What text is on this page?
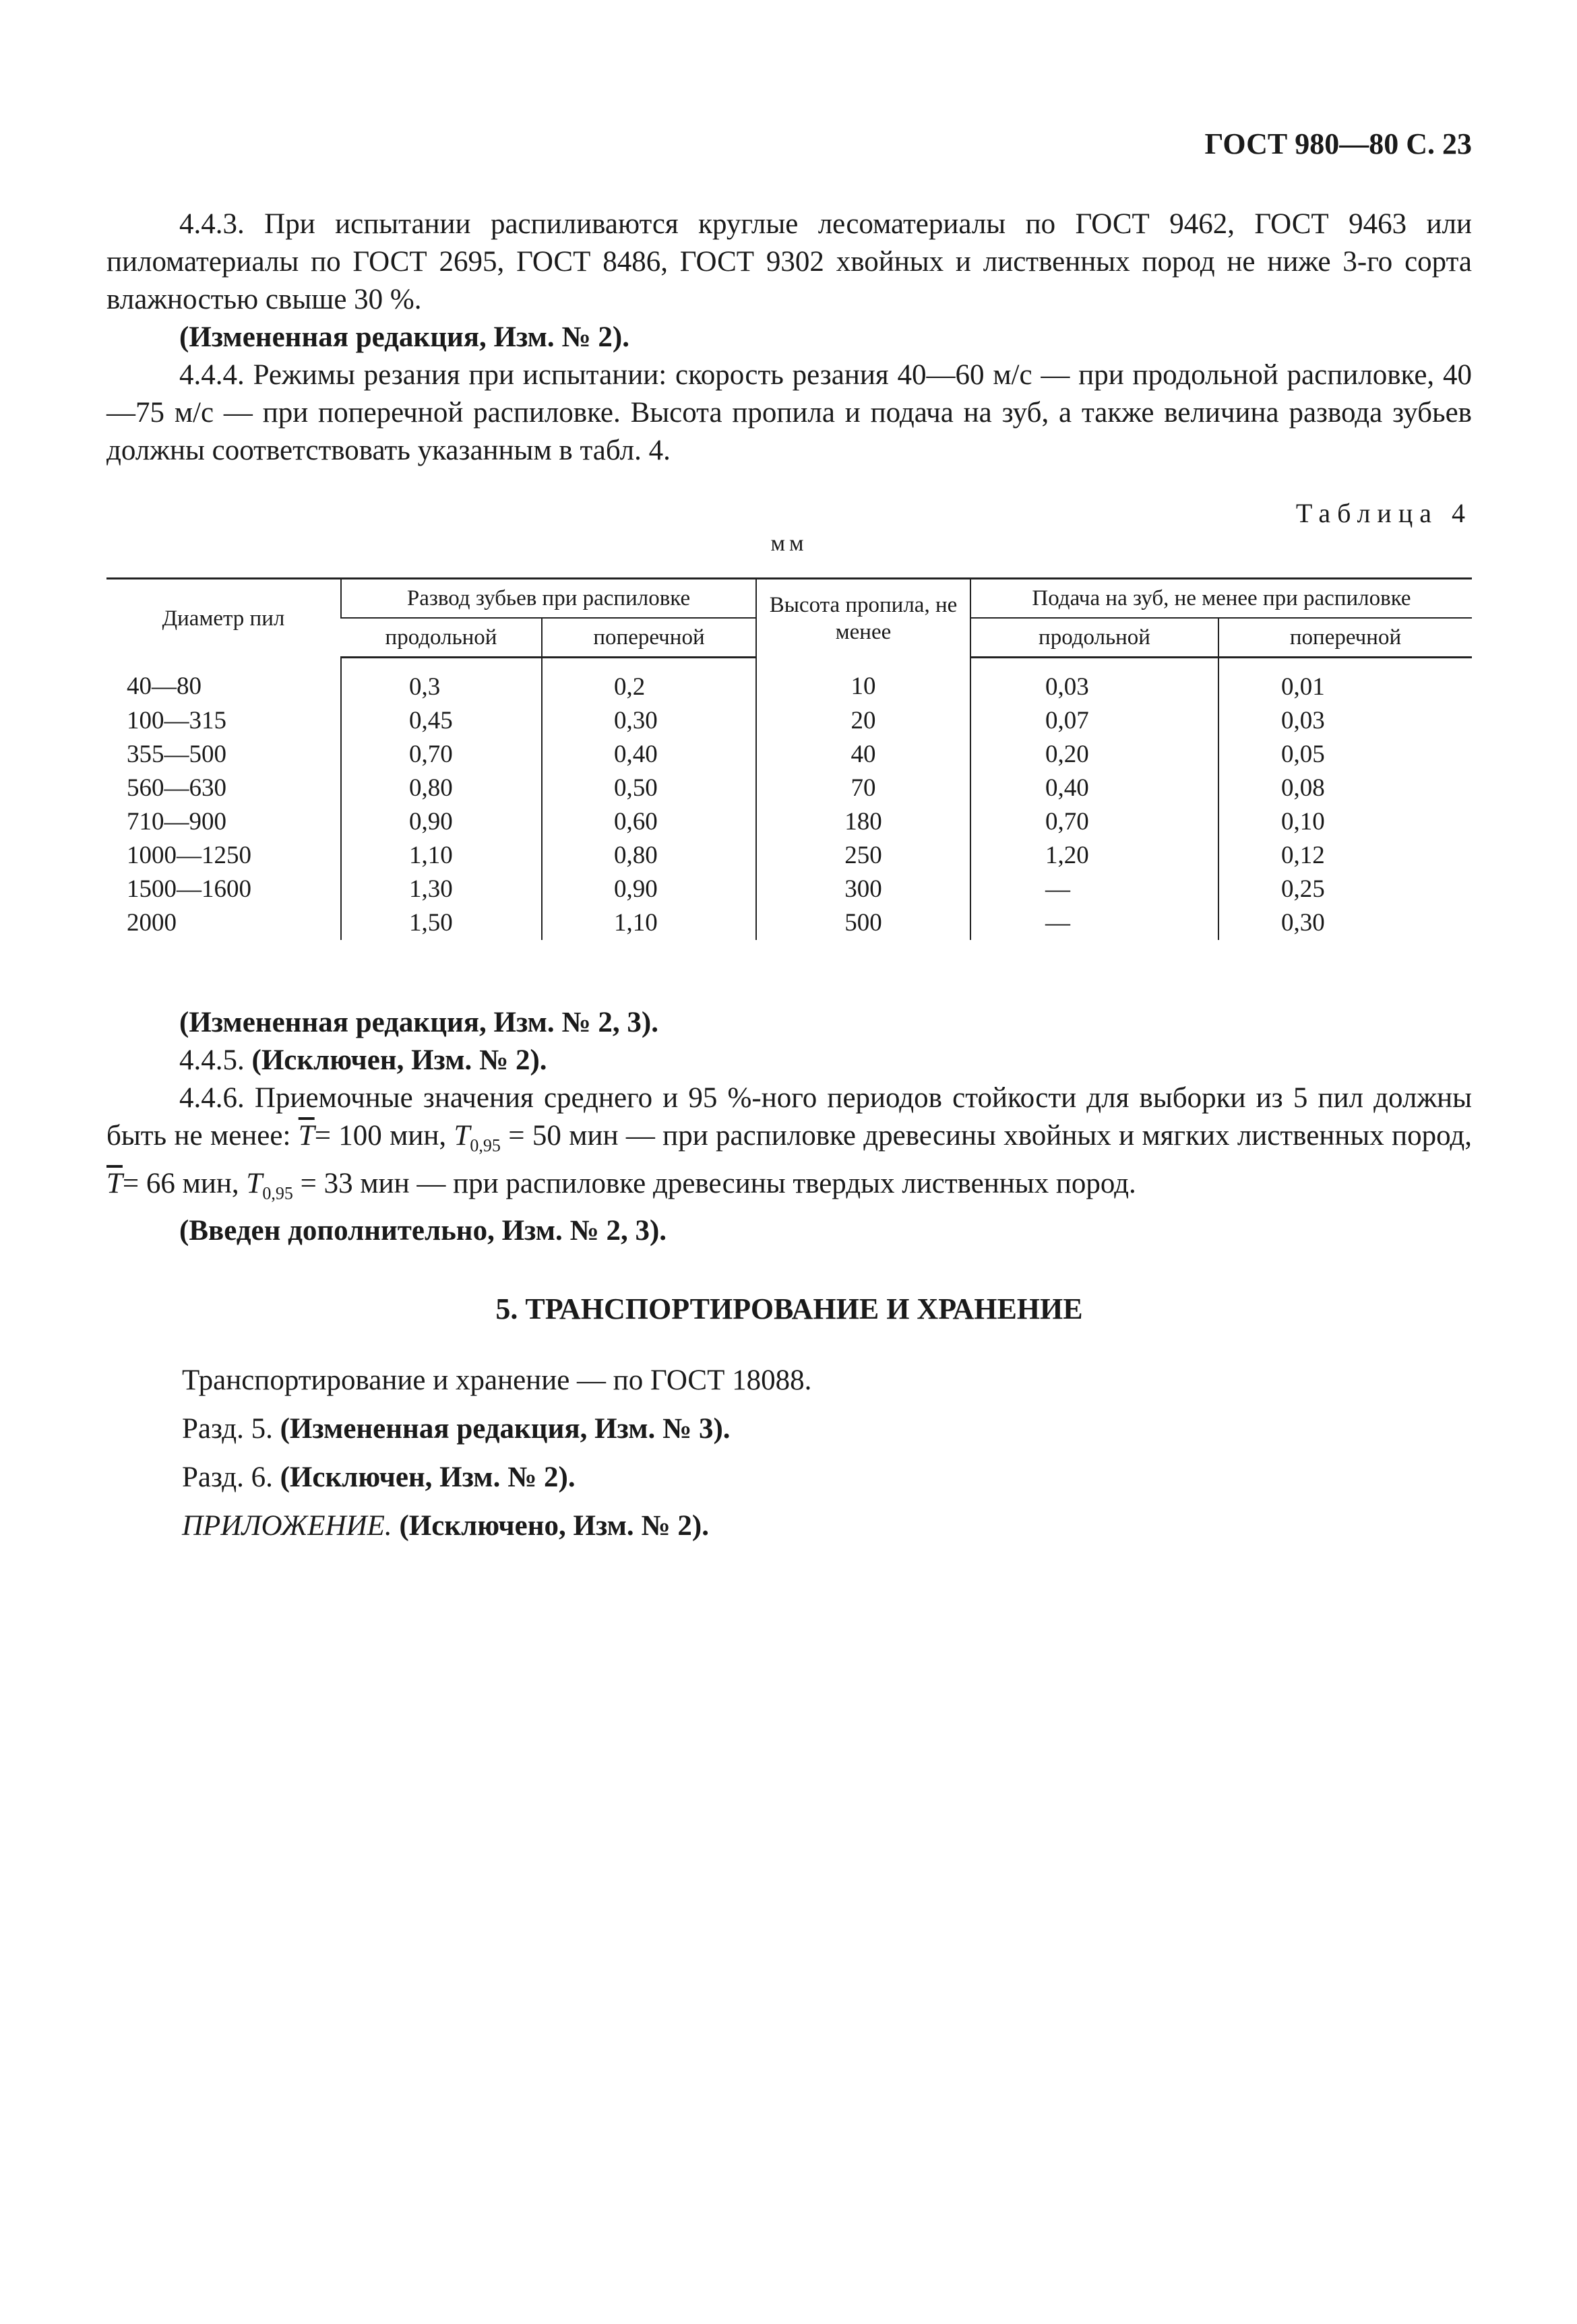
ГОСТ 980—80 С. 23

4.4.3. При испытании распиливаются круглые лесоматериалы по ГОСТ 9462, ГОСТ 9463 или пиломатериалы по ГОСТ 2695, ГОСТ 8486, ГОСТ 9302 хвойных и лиственных пород не ниже 3-го сорта влажностью свыше 30 %.

(Измененная редакция, Изм. № 2).

4.4.4. Режимы резания при испытании: скорость резания 40—60 м/с — при продольной распиловке, 40—75 м/с — при поперечной распиловке. Высота пропила и подача на зуб, а также величина развода зубьев должны соответствовать указанным в табл. 4.

Таблица 4
мм
Диаметр пил	Развод зубьев при распиловке		Высота пропила, не менее	Подача на зуб, не менее при распиловке	
	продольной	поперечной		продольной	поперечной
40—80	0,3	0,2	10	0,03	0,01
100—315	0,45	0,30	20	0,07	0,03
355—500	0,70	0,40	40	0,20	0,05
560—630	0,80	0,50	70	0,40	0,08
710—900	0,90	0,60	180	0,70	0,10
1000—1250	1,10	0,80	250	1,20	0,12
1500—1600	1,30	0,90	300	—	0,25
2000	1,50	1,10	500	—	0,30

(Измененная редакция, Изм. № 2, 3).

4.4.5. (Исключен, Изм. № 2).

4.4.6. Приемочные значения среднего и 95 %-ного периодов стойкости для выборки из 5 пил должны быть не менее: $\overline{T}= 100$ мин, $T_{0,95} = 50$ мин — при распиловке древесины хвойных и мягких лиственных пород, $\overline{T}= 66$ мин, $T_{0,95} = 33$ мин — при распиловке древесины твердых лиственных пород.

(Введен дополнительно, Изм. № 2, 3).

5. ТРАНСПОРТИРОВАНИЕ И ХРАНЕНИЕ

Транспортирование и хранение — по ГОСТ 18088.

Разд. 5. (Измененная редакция, Изм. № 3).

Разд. 6. (Исключен, Изм. № 2).

ПРИЛОЖЕНИЕ. (Исключено, Изм. № 2).
